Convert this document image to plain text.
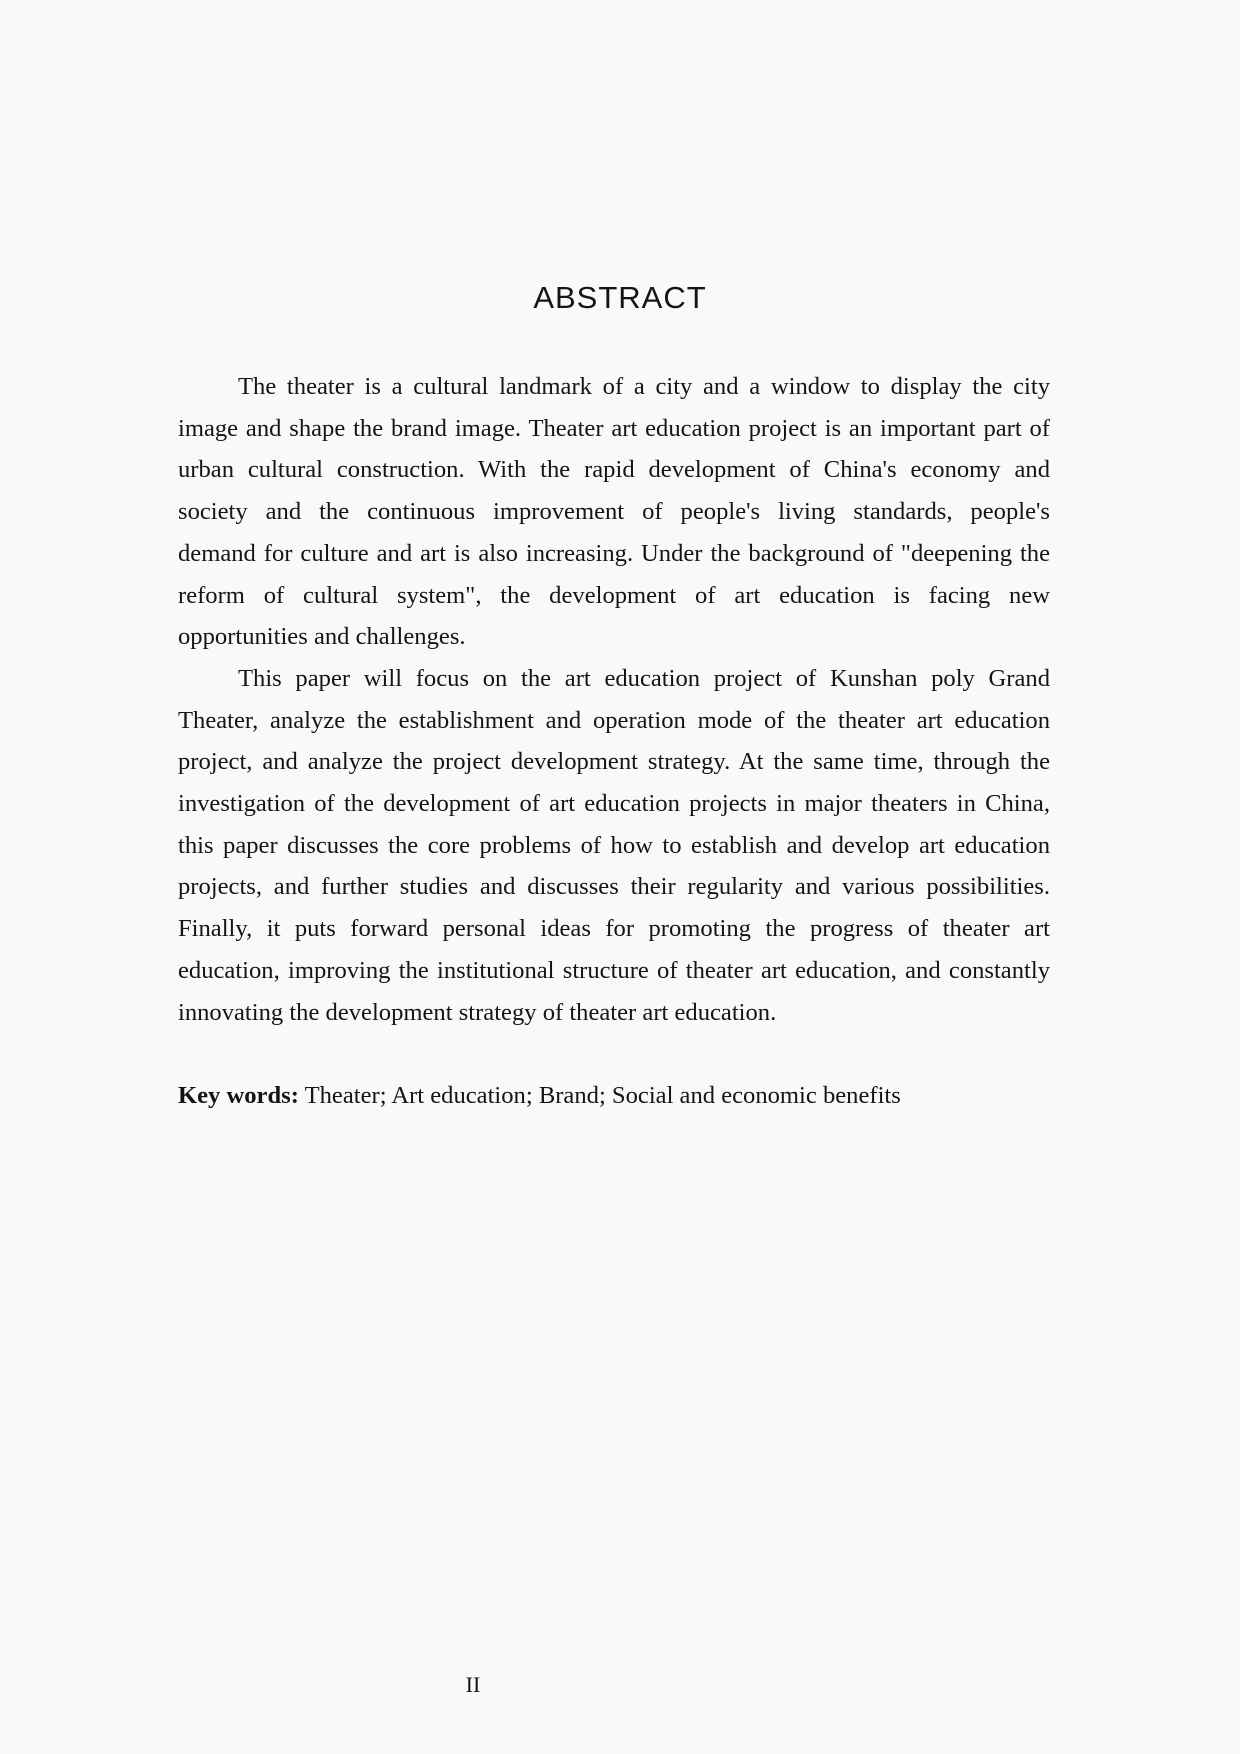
ABSTRACT
The theater is a cultural landmark of a city and a window to display the city
image and shape the brand image. Theater art education project is an important part of
urban cultural construction. With the rapid development of China's economy and
society and the continuous improvement of people's living standards, people's
demand for culture and art is also increasing. Under the background of "deepening the
reform of cultural system", the development of art education is facing new
opportunities and challenges.
This paper will focus on the art education project of Kunshan poly Grand
Theater, analyze the establishment and operation mode of the theater art education
project, and analyze the project development strategy. At the same time, through the
investigation of the development of art education projects in major theaters in China,
this paper discusses the core problems of how to establish and develop art education
projects, and further studies and discusses their regularity and various possibilities.
Finally, it puts forward personal ideas for promoting the progress of theater art
education, improving the institutional structure of theater art education, and constantly
innovating the development strategy of theater art education.
Key words: Theater; Art education; Brand; Social and economic benefits
II
